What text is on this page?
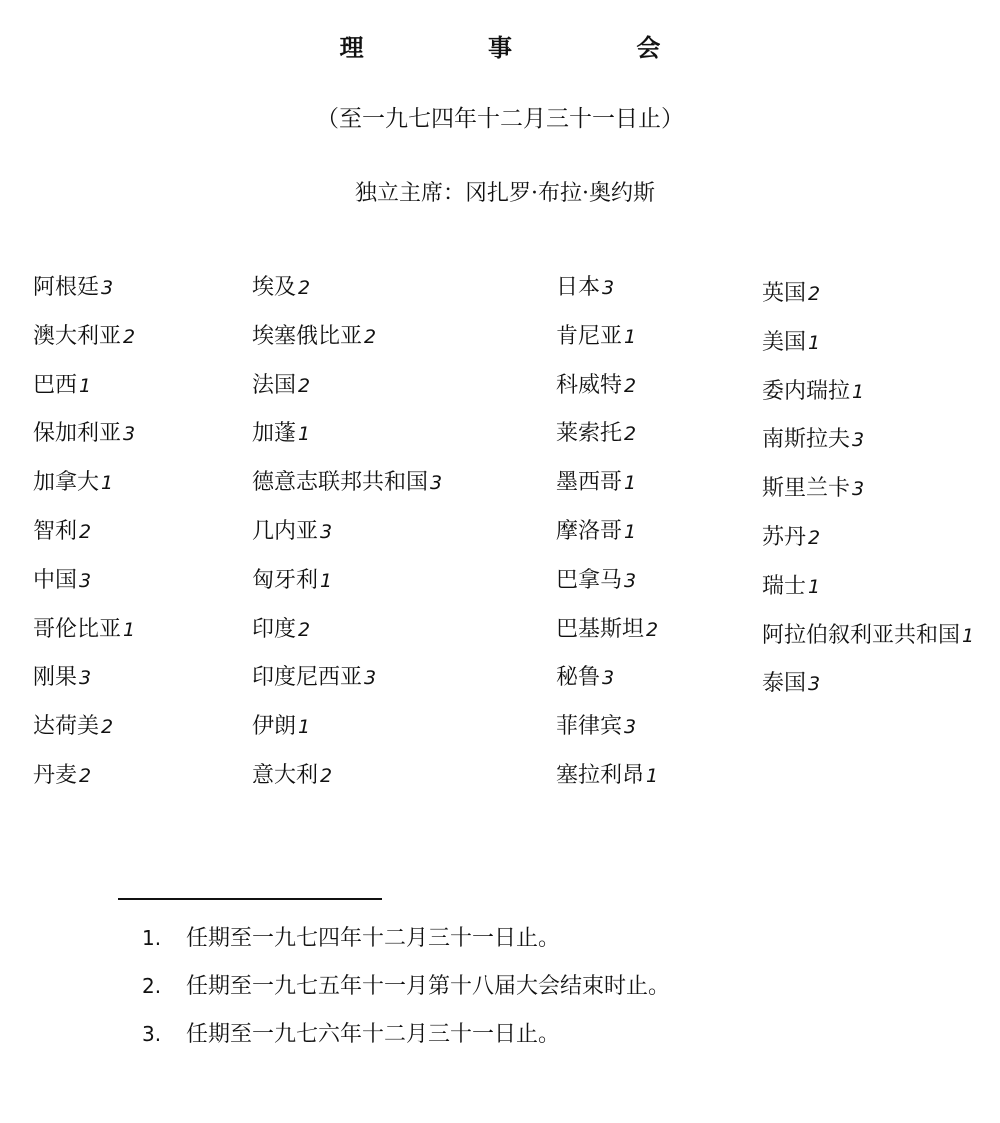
理 事 会
（至一九七四年十二月三十一日止）
独立主席：冈扎罗·布拉·奥约斯
阿根廷 3
澳大利亚 2
巴西 1
保加利亚 3
加拿大 1
智利 2
中国 3
哥伦比亚 1
刚果 3
达荷美 2
丹麦 2
埃及 2
埃塞俄比亚 2
法国 2
加蓬 1
德意志联邦共和国 3
几内亚 3
匈牙利 1
印度 2
印度尼西亚 3
伊朗 1
意大利 2
日本 3
肯尼亚 1
科威特 2
莱索托 2
墨西哥 1
摩洛哥 1
巴拿马 3
巴基斯坦 2
秘鲁 3
菲律宾 3
塞拉利昂 1
英国 2
美国 1
委内瑞拉 1
南斯拉夫 3
斯里兰卡 3
苏丹 2
瑞士 1
阿拉伯叙利亚共和国 1
泰国 3
1. 任期至一九七四年十二月三十一日止。
2. 任期至一九七五年十一月第十八届大会结束时止。
3. 任期至一九七六年十二月三十一日止。
